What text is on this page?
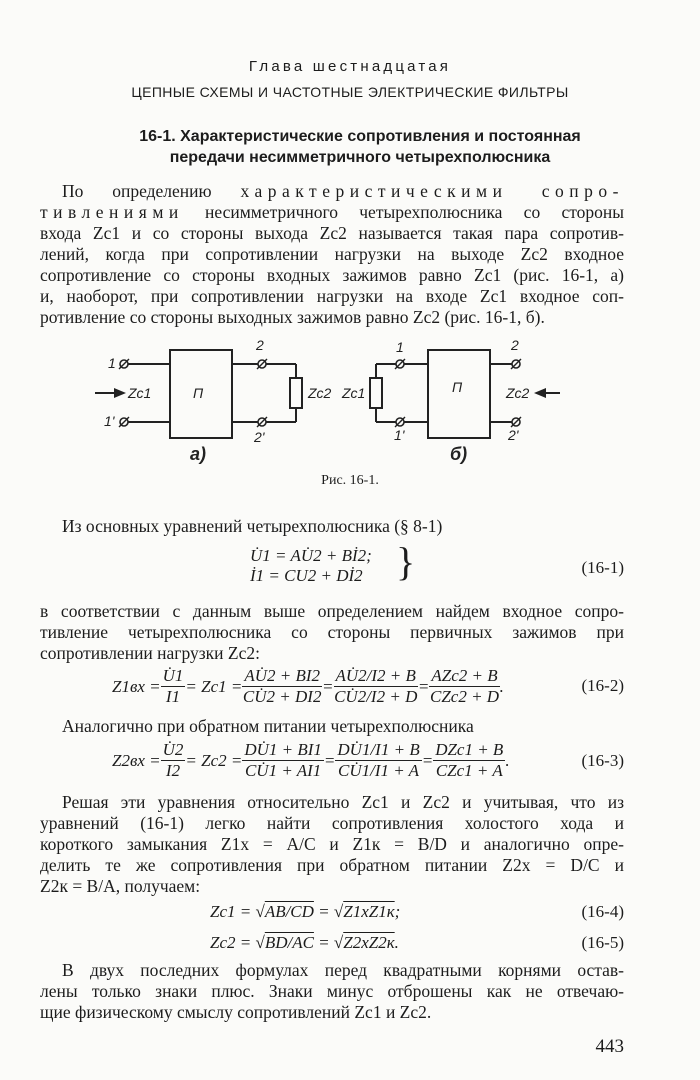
Глава шестнадцатая
ЦЕПНЫЕ СХЕМЫ И ЧАСТОТНЫЕ ЭЛЕКТРИЧЕСКИЕ ФИЛЬТРЫ
16-1. Характеристические сопротивления и постоянная
передачи несимметричного четырехполюсника
По определению характеристическими сопро-
тивлениями несимметричного четырехполюсника со стороны
входа Zc1 и со стороны выхода Zc2 называется такая пара сопротив-
лений, когда при сопротивлении нагрузки на выходе Zc2 входное
сопротивление со стороны входных зажимов равно Zc1 (рис. 16-1, а)
и, наоборот, при сопротивлении нагрузки на входе Zc1 входное соп-
ротивление со стороны выходных зажимов равно Zc2 (рис. 16-1, б).
1
1'
2
2'
П
Zc1	Zc2
1
1'
2
2'
П
Zc1	Zc2
а)	б)
Рис. 16-1.
Из основных уравнений четырехполюсника (§ 8-1)
U̇1 = AU̇2 + Bİ2;
İ1 = CU2 + Dİ2 }	(16-1)
в соответствии с данным выше определением найдем входное сопро-
тивление четырехполюсника со стороны первичных зажимов при
сопротивлении нагрузки Zc2:
$Z1вх = \frac{U̇1}{I1} = Zc1 = \frac{AU̇2 + BI2}{CU̇2 + DI2} = \frac{AU̇2/I2 + B}{CU̇2/I2 + D}$ =
AZc2 + B
CZc2 + D
.	(16-2)
Аналогично при обратном питании четырехполюсника
$Z2вх = \frac{U̇2}{I2} = Zc2 = \frac{DU̇1 + BI1}{CU̇1 + AI1} = \frac{DU̇1/I1 + B}{CU̇1/I1 + A}$ =
DZc1 + B
CZc1 + A
.	(16-3)
Решая эти уравнения относительно Zc1 и Zc2 и учитывая, что из
уравнений (16-1) легко найти сопротивления холостого хода и
короткого замыкания Z1х = A/C и Z1к = B/D и аналогично опре-
делить те же сопротивления при обратном питании Z2х = D/C и
Z2к = B/A, получаем:
Zc1 = √AB/CD = √Z1хZ1к;	(16-4)
Zc2 = √BD/AC = √Z2хZ2к.	(16-5)
В двух последних формулах перед квадратными корнями остав-
лены только знаки плюс. Знаки минус отброшены как не отвечаю-
щие физическому смыслу сопротивлений Zc1 и Zc2.
443
